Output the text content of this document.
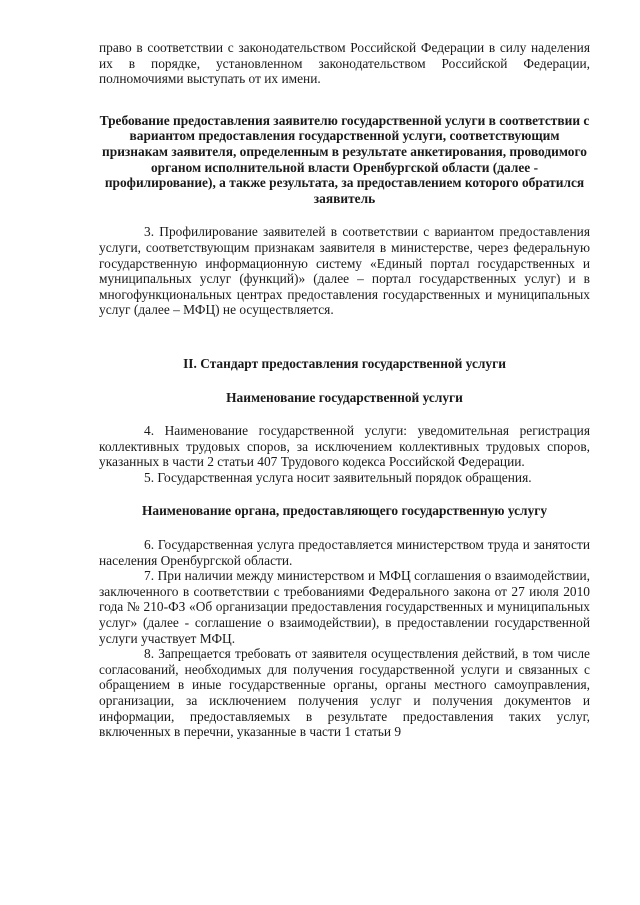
право в соответствии с законодательством Российской Федерации в силу наделения их в порядке, установленном законодательством Российской Федерации, полномочиями выступать от их имени.

Требование предоставления заявителю государственной услуги в соответствии с вариантом предоставления государственной услуги, соответствующим признакам заявителя, определенным в результате анкетирования, проводимого органом исполнительной власти Оренбургской области (далее - профилирование), а также результата, за предоставлением которого обратился заявитель

3. Профилирование заявителей в соответствии с вариантом предоставления услуги, соответствующим признакам заявителя в министерстве, через федеральную государственную информационную систему «Единый портал государственных и муниципальных услуг (функций)» (далее – портал государственных услуг) и в многофункциональных центрах предоставления государственных и муниципальных услуг (далее – МФЦ) не осуществляется.

II. Стандарт предоставления государственной услуги

Наименование государственной услуги

4. Наименование государственной услуги: уведомительная регистрация коллективных трудовых споров, за исключением коллективных трудовых споров, указанных в части 2 статьи 407 Трудового кодекса Российской Федерации.

5. Государственная услуга носит заявительный порядок обращения.

Наименование органа, предоставляющего государственную услугу

6. Государственная услуга предоставляется министерством труда и занятости населения Оренбургской области.

7. При наличии между министерством и МФЦ соглашения о взаимодействии, заключенного в соответствии с требованиями Федерального закона от 27 июля 2010 года № 210-ФЗ «Об организации предоставления государственных и муниципальных услуг» (далее - соглашение о взаимодействии), в предоставлении государственной услуги участвует МФЦ.

8. Запрещается требовать от заявителя осуществления действий, в том числе согласований, необходимых для получения государственной услуги и связанных с обращением в иные государственные органы, органы местного самоуправления, организации, за исключением получения услуг и получения документов и информации, предоставляемых в результате предоставления таких услуг, включенных в перечни, указанные в части 1 статьи 9
